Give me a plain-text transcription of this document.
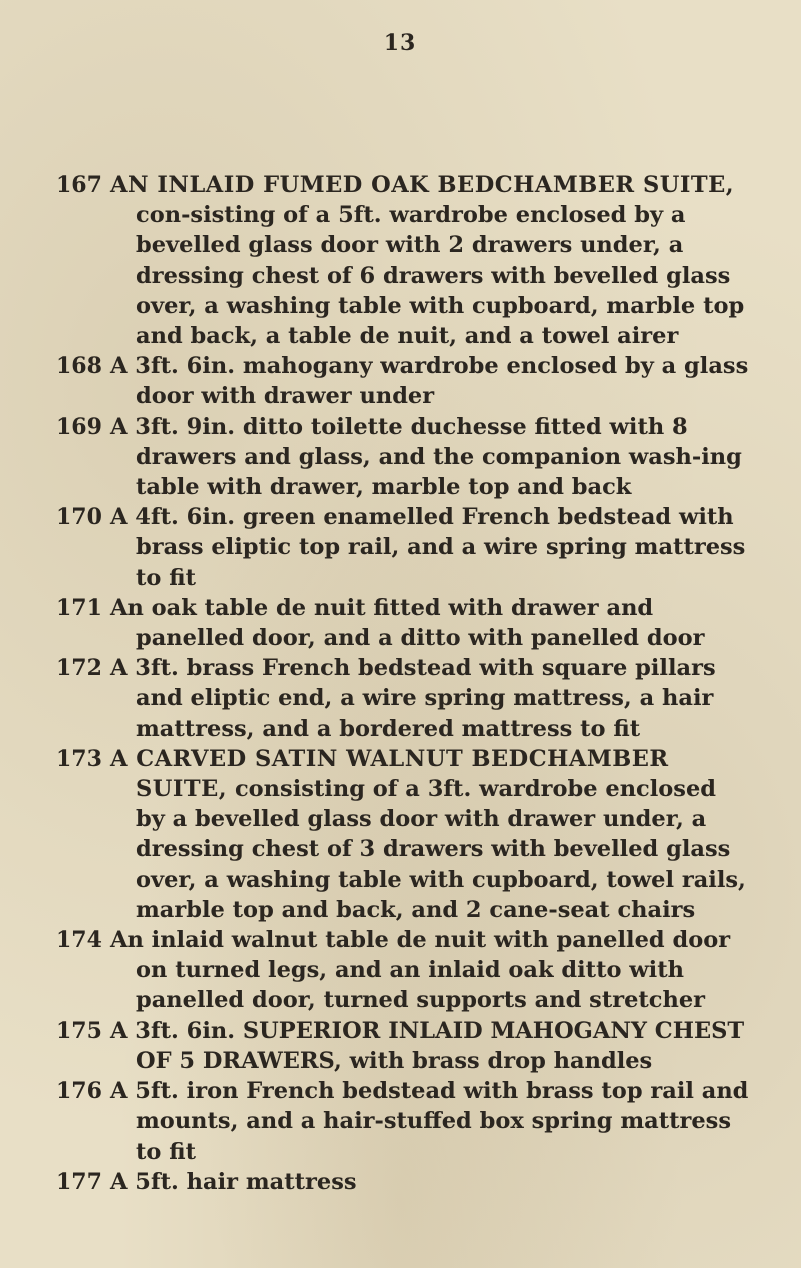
13
167 AN INLAID FUMED OAK BEDCHAMBER SUITE, con-sisting of a 5ft. wardrobe enclosed by a bevelled glass door with 2 drawers under, a dressing chest of 6 drawers with bevelled glass over, a washing table with cupboard, marble top and back, a table de nuit, and a towel airer
168 A 3ft. 6in. mahogany wardrobe enclosed by a glass door with drawer under
169 A 3ft. 9in. ditto toilette duchesse fitted with 8 drawers and glass, and the companion wash-ing table with drawer, marble top and back
170 A 4ft. 6in. green enamelled French bedstead with brass eliptic top rail, and a wire spring mattress to fit
171 An oak table de nuit fitted with drawer and panelled door, and a ditto with panelled door
172 A 3ft. brass French bedstead with square pillars and eliptic end, a wire spring mattress, a hair mattress, and a bordered mattress to fit
173 A CARVED SATIN WALNUT BEDCHAMBER SUITE, consisting of a 3ft. wardrobe enclosed by a bevelled glass door with drawer under, a dressing chest of 3 drawers with bevelled glass over, a washing table with cupboard, towel rails, marble top and back, and 2 cane-seat chairs
174 An inlaid walnut table de nuit with panelled door on turned legs, and an inlaid oak ditto with panelled door, turned supports and stretcher
175 A 3ft. 6in. SUPERIOR INLAID MAHOGANY CHEST OF 5 DRAWERS, with brass drop handles
176 A 5ft. iron French bedstead with brass top rail and mounts, and a hair-stuffed box spring mattress to fit
177 A 5ft. hair mattress
